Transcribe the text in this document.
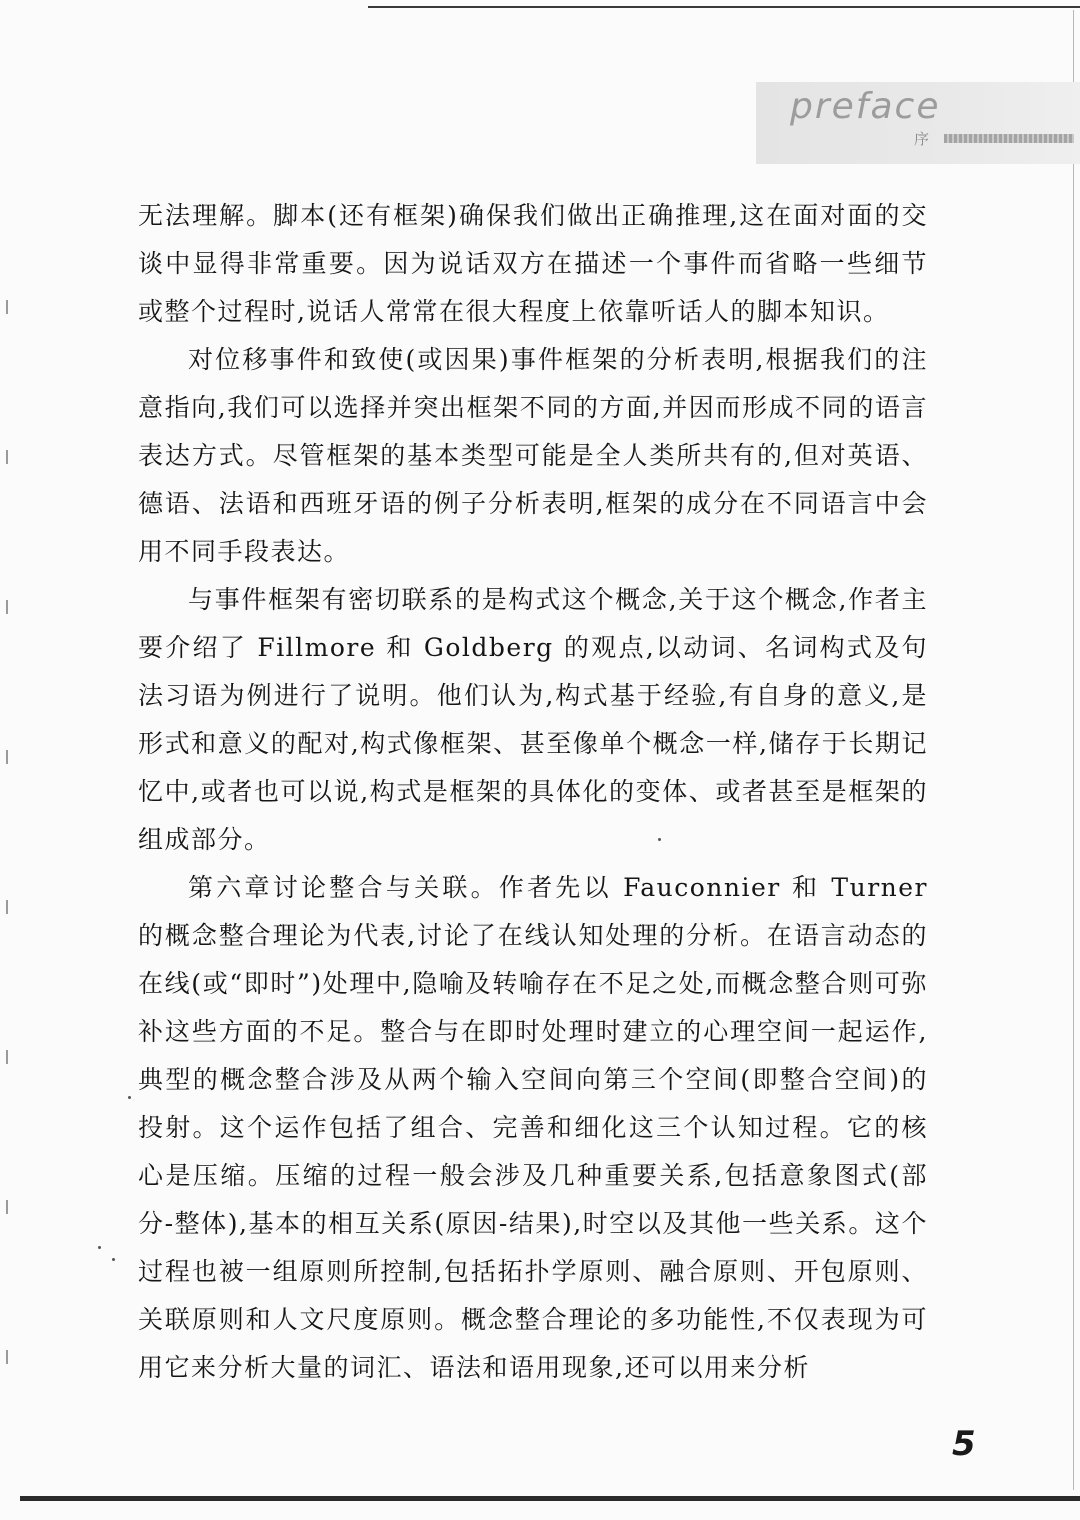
preface
序

无法理解。脚本(还有框架)确保我们做出正确推理,这在面对面的交谈中显得非常重要。因为说话双方在描述一个事件而省略一些细节或整个过程时,说话人常常在很大程度上依靠听话人的脚本知识。

对位移事件和致使(或因果)事件框架的分析表明,根据我们的注意指向,我们可以选择并突出框架不同的方面,并因而形成不同的语言表达方式。尽管框架的基本类型可能是全人类所共有的,但对英语、德语、法语和西班牙语的例子分析表明,框架的成分在不同语言中会用不同手段表达。

与事件框架有密切联系的是构式这个概念,关于这个概念,作者主要介绍了 Fillmore 和 Goldberg 的观点,以动词、名词构式及句法习语为例进行了说明。他们认为,构式基于经验,有自身的意义,是形式和意义的配对,构式像框架、甚至像单个概念一样,储存于长期记忆中,或者也可以说,构式是框架的具体化的变体、或者甚至是框架的组成部分。

第六章讨论整合与关联。作者先以 Fauconnier 和 Turner 的概念整合理论为代表,讨论了在线认知处理的分析。在语言动态的在线(或“即时”)处理中,隐喻及转喻存在不足之处,而概念整合则可弥补这些方面的不足。整合与在即时处理时建立的心理空间一起运作,典型的概念整合涉及从两个输入空间向第三个空间(即整合空间)的投射。这个运作包括了组合、完善和细化这三个认知过程。它的核心是压缩。压缩的过程一般会涉及几种重要关系,包括意象图式(部分-整体),基本的相互关系(原因-结果),时空以及其他一些关系。这个过程也被一组原则所控制,包括拓扑学原则、融合原则、开包原则、关联原则和人文尺度原则。概念整合理论的多功能性,不仅表现为可用它来分析大量的词汇、语法和语用现象,还可以用来分析

5
